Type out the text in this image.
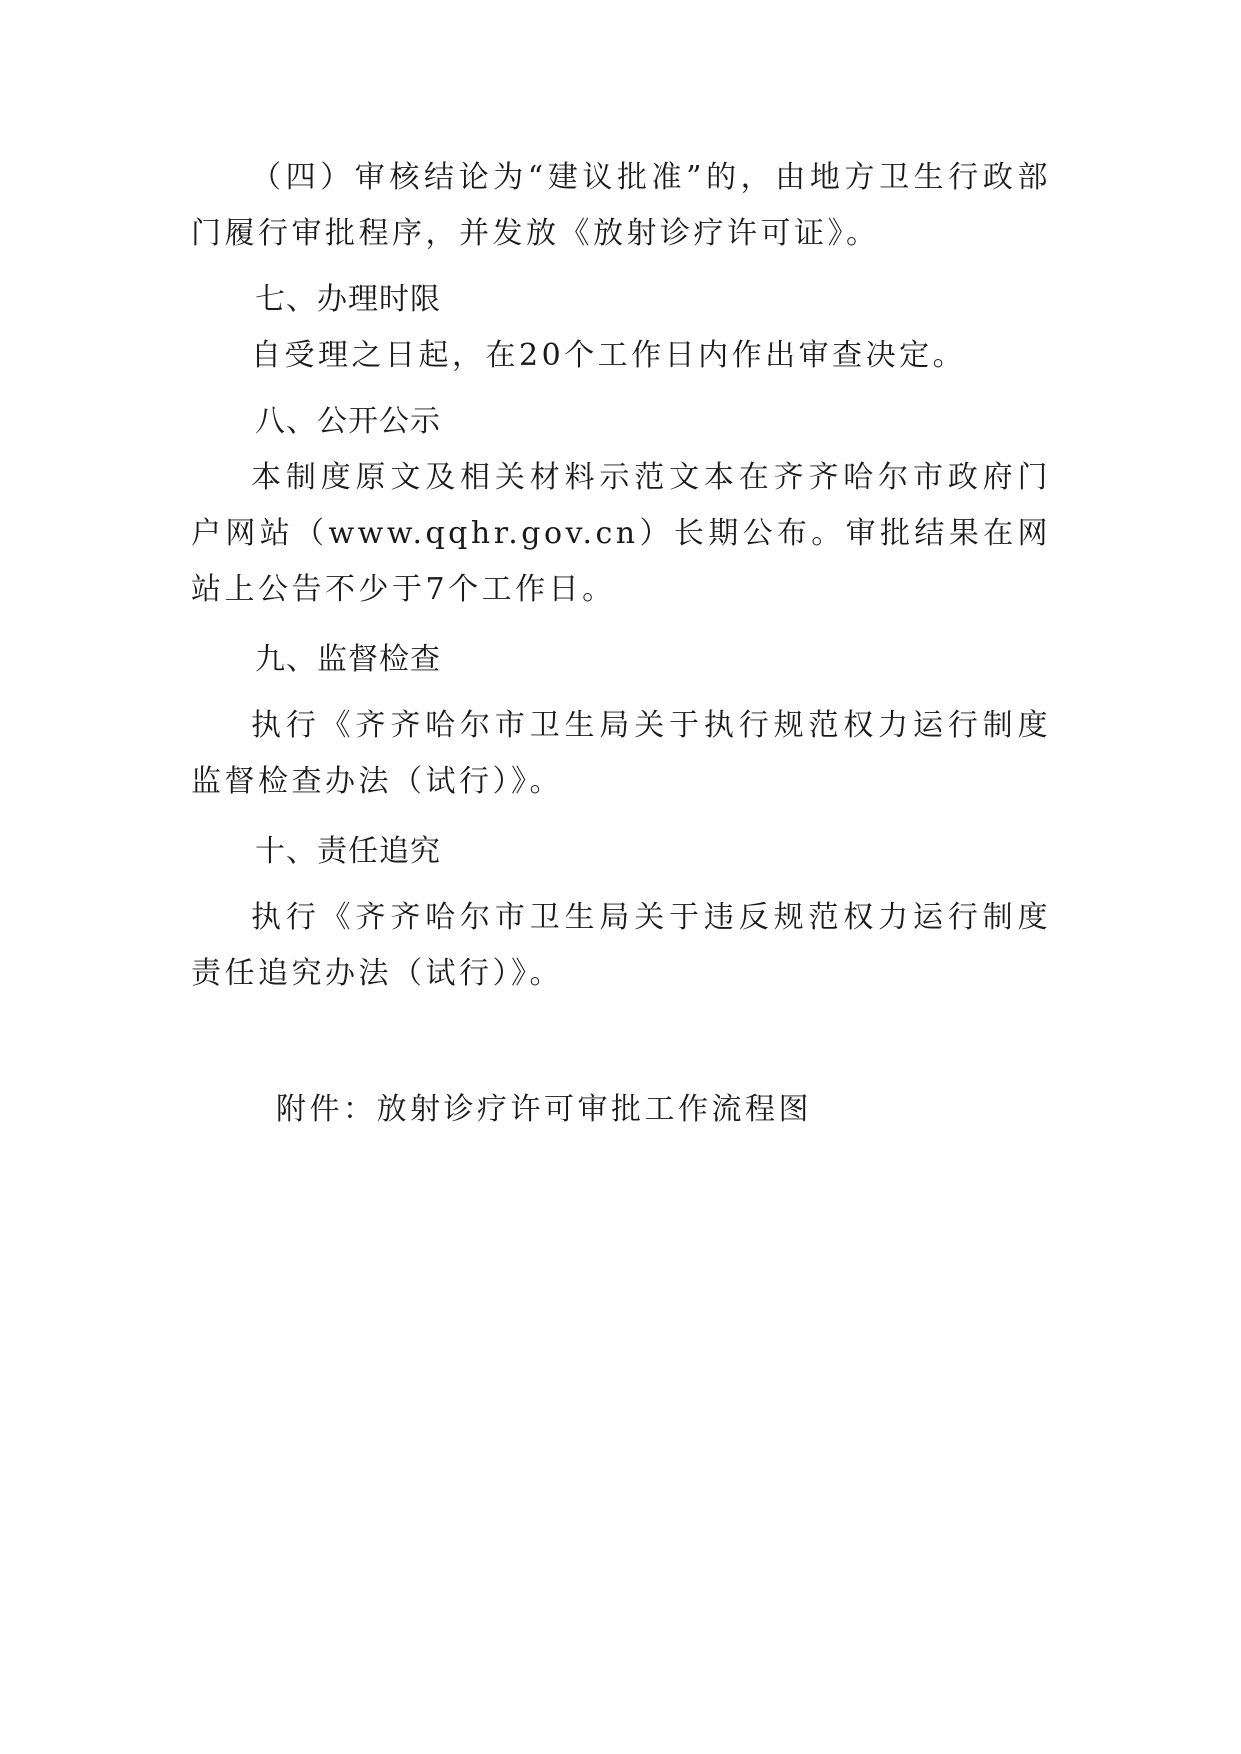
（四）审核结论为“建议批准”的，由地方卫生行政部门履行审批程序，并发放《放射诊疗许可证》。

七、办理时限

自受理之日起，在20个工作日内作出审查决定。

八、公开公示

本制度原文及相关材料示范文本在齐齐哈尔市政府门户网站（www.qqhr.gov.cn）长期公布。审批结果在网站上公告不少于7个工作日。

九、监督检查

执行《齐齐哈尔市卫生局关于执行规范权力运行制度监督检查办法（试行）》。

十、责任追究

执行《齐齐哈尔市卫生局关于违反规范权力运行制度责任追究办法（试行）》。

附件：放射诊疗许可审批工作流程图
